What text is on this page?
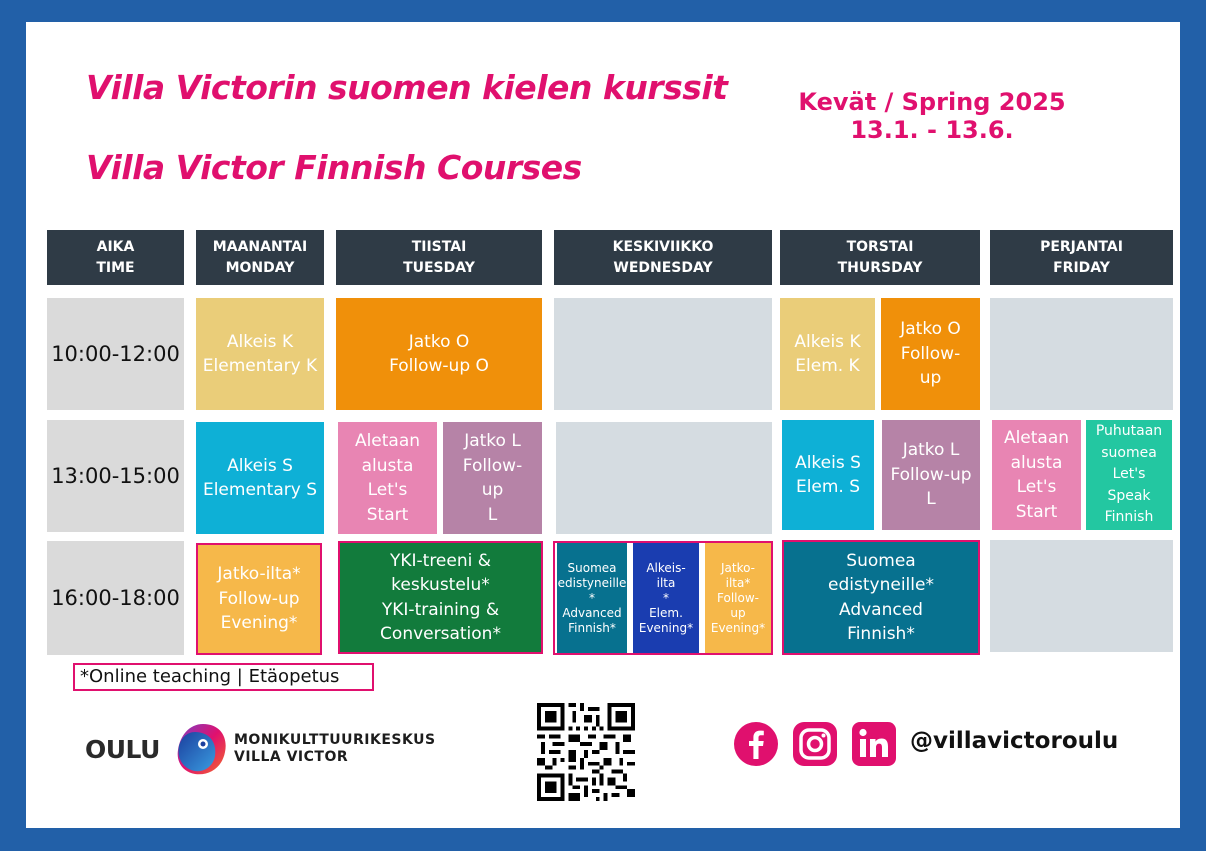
Villa Victorin suomen kielen kurssit
Villa Victor Finnish Courses
Kevät / Spring 2025
13.1. - 13.6.
AIKA
TIME
MAANANTAI
MONDAY
TIISTAI
TUESDAY
KESKIVIIKKO
WEDNESDAY
TORSTAI
THURSDAY
PERJANTAI
FRIDAY
10:00-12:00
13:00-15:00
16:00-18:00
Alkeis K
Elementary K
Jatko O
Follow-up O
Alkeis K
Elem. K
Jatko O
Follow-
up
Alkeis S
Elementary S
Aletaan
alusta
Let's
Start
Jatko L
Follow-
up
L
Alkeis S
Elem. S
Jatko L
Follow-up
L
Aletaan
alusta
Let's
Start
Puhutaan
suomea
Let's
Speak
Finnish
Jatko-ilta*
Follow-up
Evening*
YKI-treeni &
keskustelu*
YKI-training &
Conversation*
Suomea
edistyneille
*
Advanced
Finnish*
Alkeis-
ilta
*
Elem.
Evening*
Jatko-
ilta*
Follow-
up
Evening*
Suomea
edistyneille*
Advanced
Finnish*
*Online teaching | Etäopetus
OULU	MONIKULTTUURIKESKUS
VILLA VICTOR
@villavictoroulu
